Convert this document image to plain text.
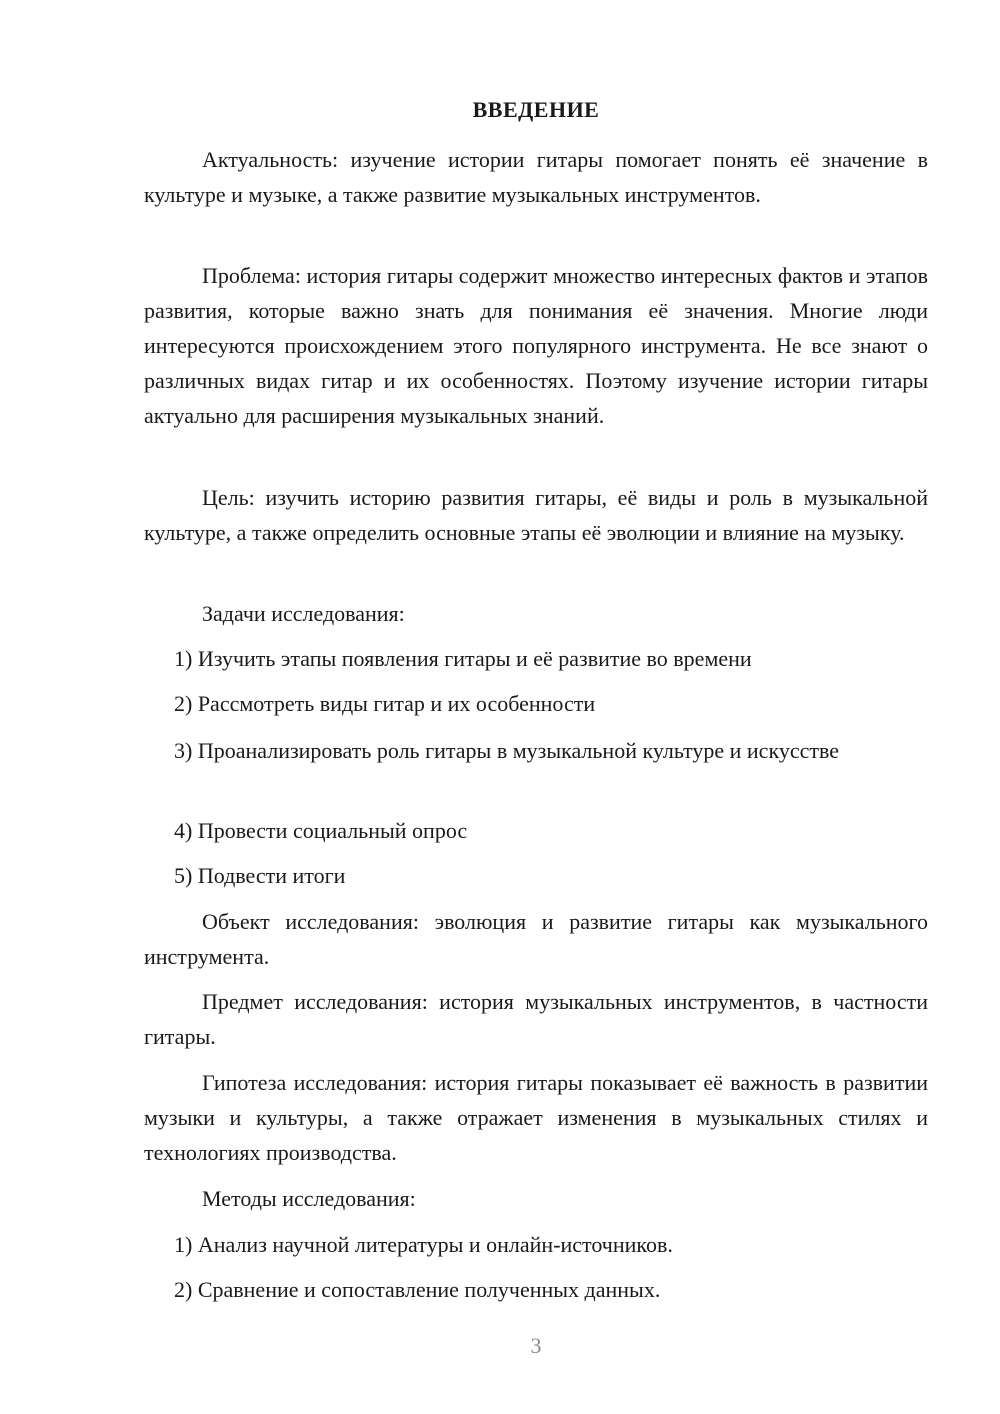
ВВЕДЕНИЕ

Актуальность: изучение истории гитары помогает понять её значение в культуре и музыке, а также развитие музыкальных инструментов.

Проблема: история гитары содержит множество интересных фактов и этапов развития, которые важно знать для понимания её значения. Многие люди интересуются происхождением этого популярного инструмента. Не все знают о различных видах гитар и их особенностях. Поэтому изучение истории гитары актуально для расширения музыкальных знаний.

Цель: изучить историю развития гитары, её виды и роль в музыкальной культуре, а также определить основные этапы её эволюции и влияние на музыку.

Задачи исследования:

1) Изучить этапы появления гитары и её развитие во времени

2) Рассмотреть виды гитар и их особенности

3) Проанализировать роль гитары в музыкальной культуре и искусстве

4) Провести социальный опрос

5) Подвести итоги

Объект исследования: эволюция и развитие гитары как музыкального инструмента.

Предмет исследования: история музыкальных инструментов, в частности гитары.

Гипотеза исследования: история гитары показывает её важность в развитии музыки и культуры, а также отражает изменения в музыкальных стилях и технологиях производства.

Методы исследования:

1) Анализ научной литературы и онлайн-источников.

2) Сравнение и сопоставление полученных данных.

3
